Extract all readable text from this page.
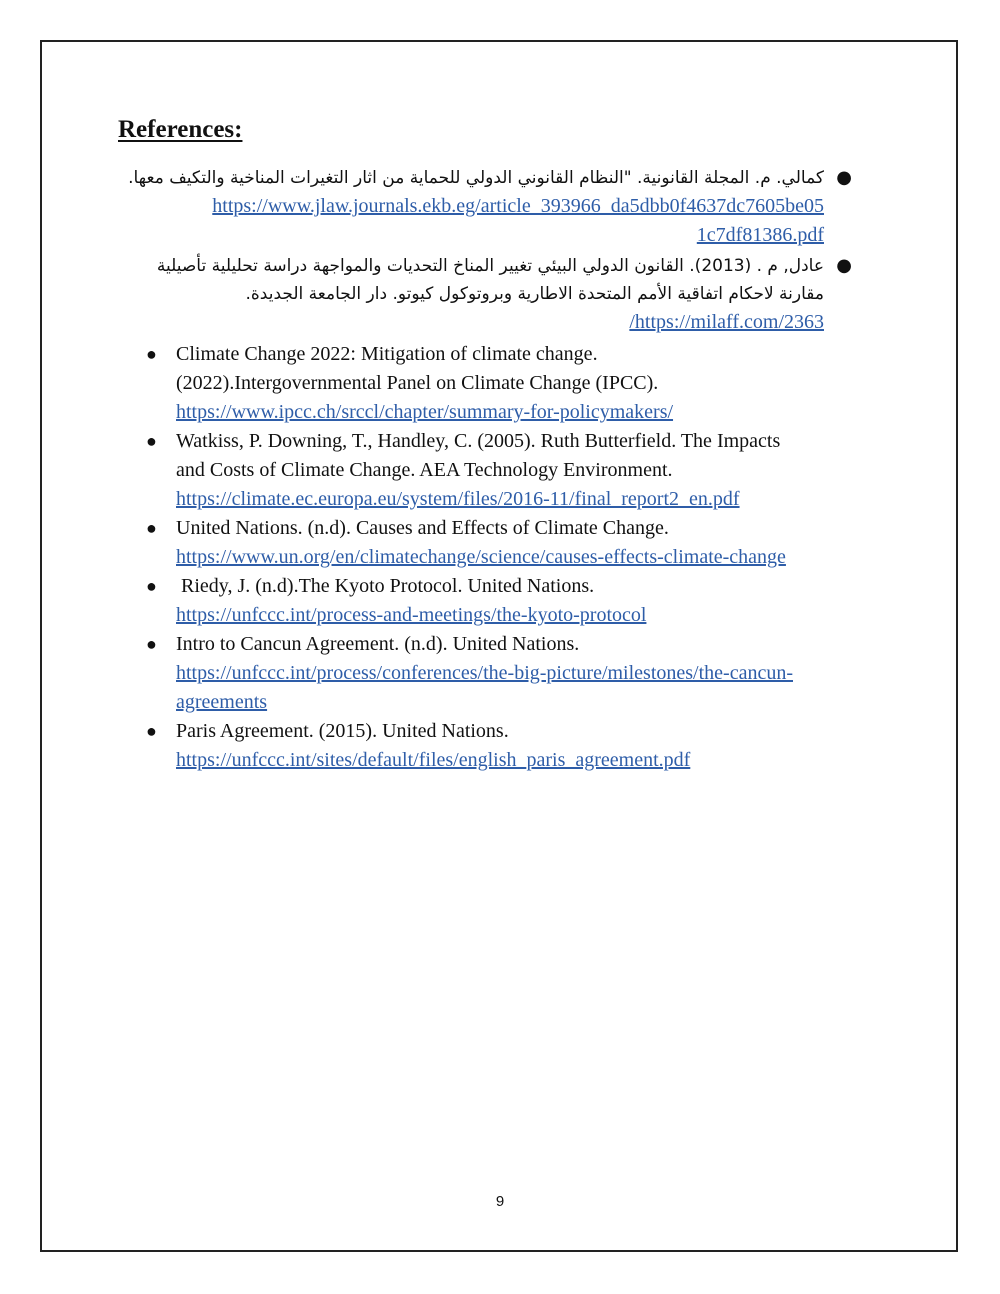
References:
●
كمالي. م. المجلة القانونية. "النظام القانوني الدولي للحماية من اثار التغيرات المناخية والتكيف معها.
https://www.jlaw.journals.ekb.eg/article_393966_da5dbb0f4637dc7605be05
1c7df81386.pdf
●
عادل, م . (2013). القانون الدولي البيئي تغيير المناخ التحديات والمواجهة دراسة تحليلية تأصيلية مقارنة لاحكام اتفاقية الأمم المتحدة الاطارية وبروتوكول كيوتو. دار الجامعة الجديدة.
/https://milaff.com/2363
● Climate Change 2022: Mitigation of climate change.
(2022).Intergovernmental Panel on Climate Change (IPCC).
https://www.ipcc.ch/srccl/chapter/summary-for-policymakers/
● Watkiss, P. Downing, T., Handley, C. (2005). Ruth Butterfield. The Impacts
and Costs of Climate Change. AEA Technology Environment.
https://climate.ec.europa.eu/system/files/2016-11/final_report2_en.pdf
● United Nations. (n.d). Causes and Effects of Climate Change.
https://www.un.org/en/climatechange/science/causes-effects-climate-change
● Riedy, J. (n.d).The Kyoto Protocol. United Nations.
https://unfccc.int/process-and-meetings/the-kyoto-protocol
● Intro to Cancun Agreement. (n.d). United Nations.
https://unfccc.int/process/conferences/the-big-picture/milestones/the-cancun-
agreements
● Paris Agreement. (2015). United Nations.
https://unfccc.int/sites/default/files/english_paris_agreement.pdf

9
